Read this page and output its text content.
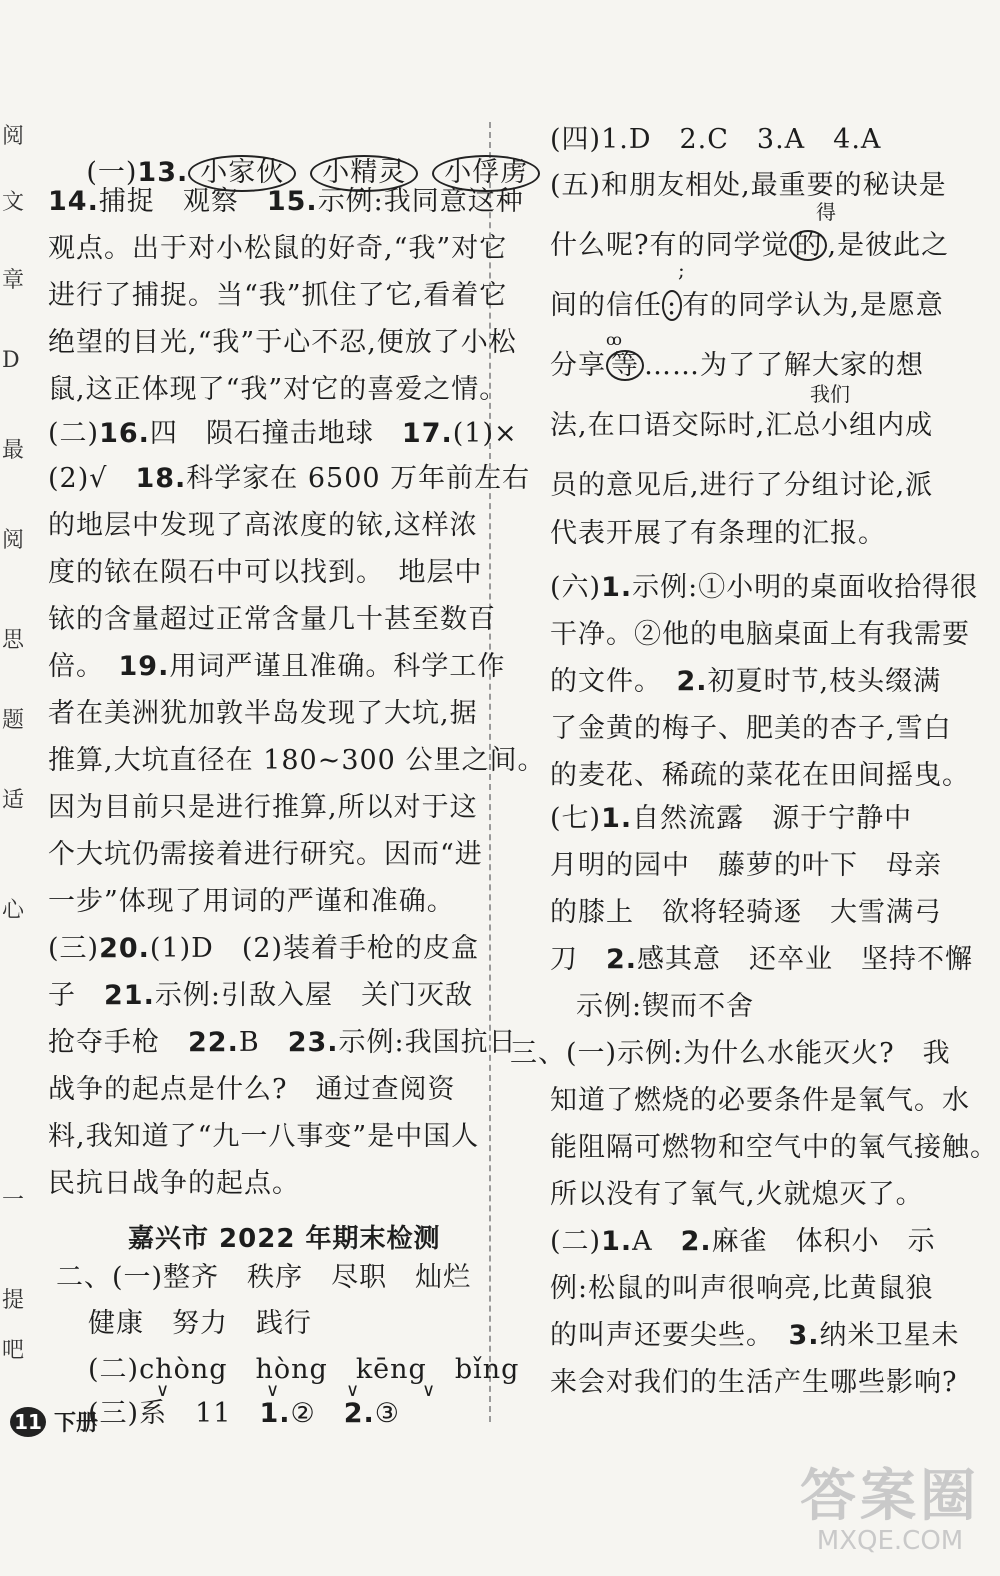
阅
文
章
D
最
阅
思
题
适
心
一
提
吧

(一)13. 小家伙 小精灵 小俘虏

14.捕捉　观察　15.示例:我同意这种
观点。出于对小松鼠的好奇,“我”对它
进行了捕捉。当“我”抓住了它,看着它
绝望的目光,“我”于心不忍,便放了小松
鼠,这正体现了“我”对它的喜爱之情。
(二)16.四　陨石撞击地球　17.(1)×
(2)√　18.科学家在 6500 万年前左右
的地层中发现了高浓度的铱,这样浓
度的铱在陨石中可以找到。　地层中
铱的含量超过正常含量几十甚至数百
倍。　19.用词严谨且准确。科学工作
者在美洲犹加敦半岛发现了大坑,据
推算,大坑直径在 180~300 公里之间。
因为目前只是进行推算,所以对于这
个大坑仍需接着进行研究。因而“进
一步”体现了用词的严谨和准确。
(三)20.(1)D　(2)装着手枪的皮盒
子　21.示例:引敌入屋　关门灭敌
抢夺手枪　22.B　23.示例:我国抗日
战争的起点是什么?　通过查阅资
料,我知道了“九一八事变”是中国人
民抗日战争的起点。
嘉兴市 2022 年期末检测
二、(一)整齐　秩序　尽职　灿烂
健康　努力　践行
(二)chòng　hòng　kēng　bǐng
∨	∨	∨	∨
(三)系　11　1.②　2.③
(四)1.D　2.C　3.A　4.A
(五)和朋友相处,最重要的秘诀是
得
什么呢?有的同学觉 的 ,是彼此之
;
间的信任 : 有的同学认为,是愿意
ꝏ
分享 等 ……为了了解大家的想
我们
法,在口语交际时,汇总小组内成
员的意见后,进行了分组讨论,派
代表开展了有条理的汇报。
(六)1.示例:①小明的桌面收拾得很
干净。②他的电脑桌面上有我需要
的文件。　2.初夏时节,枝头缀满
了金黄的梅子、肥美的杏子,雪白
的麦花、稀疏的菜花在田间摇曳。
(七)1.自然流露　源于宁静中
月明的园中　藤萝的叶下　母亲
的膝上　欲将轻骑逐　大雪满弓
刀　2.感其意　还卒业　坚持不懈
示例:锲而不舍
三、(一)示例:为什么水能灭火?　我
知道了燃烧的必要条件是氧气。水
能阻隔可燃物和空气中的氧气接触。
所以没有了氧气,火就熄灭了。
(二)1.A　2.麻雀　体积小　示
例:松鼠的叫声很响亮,比黄鼠狼
的叫声还要尖些。　3.纳米卫星未
来会对我们的生活产生哪些影响?
11 下册
答案圈
MXQE.COM
